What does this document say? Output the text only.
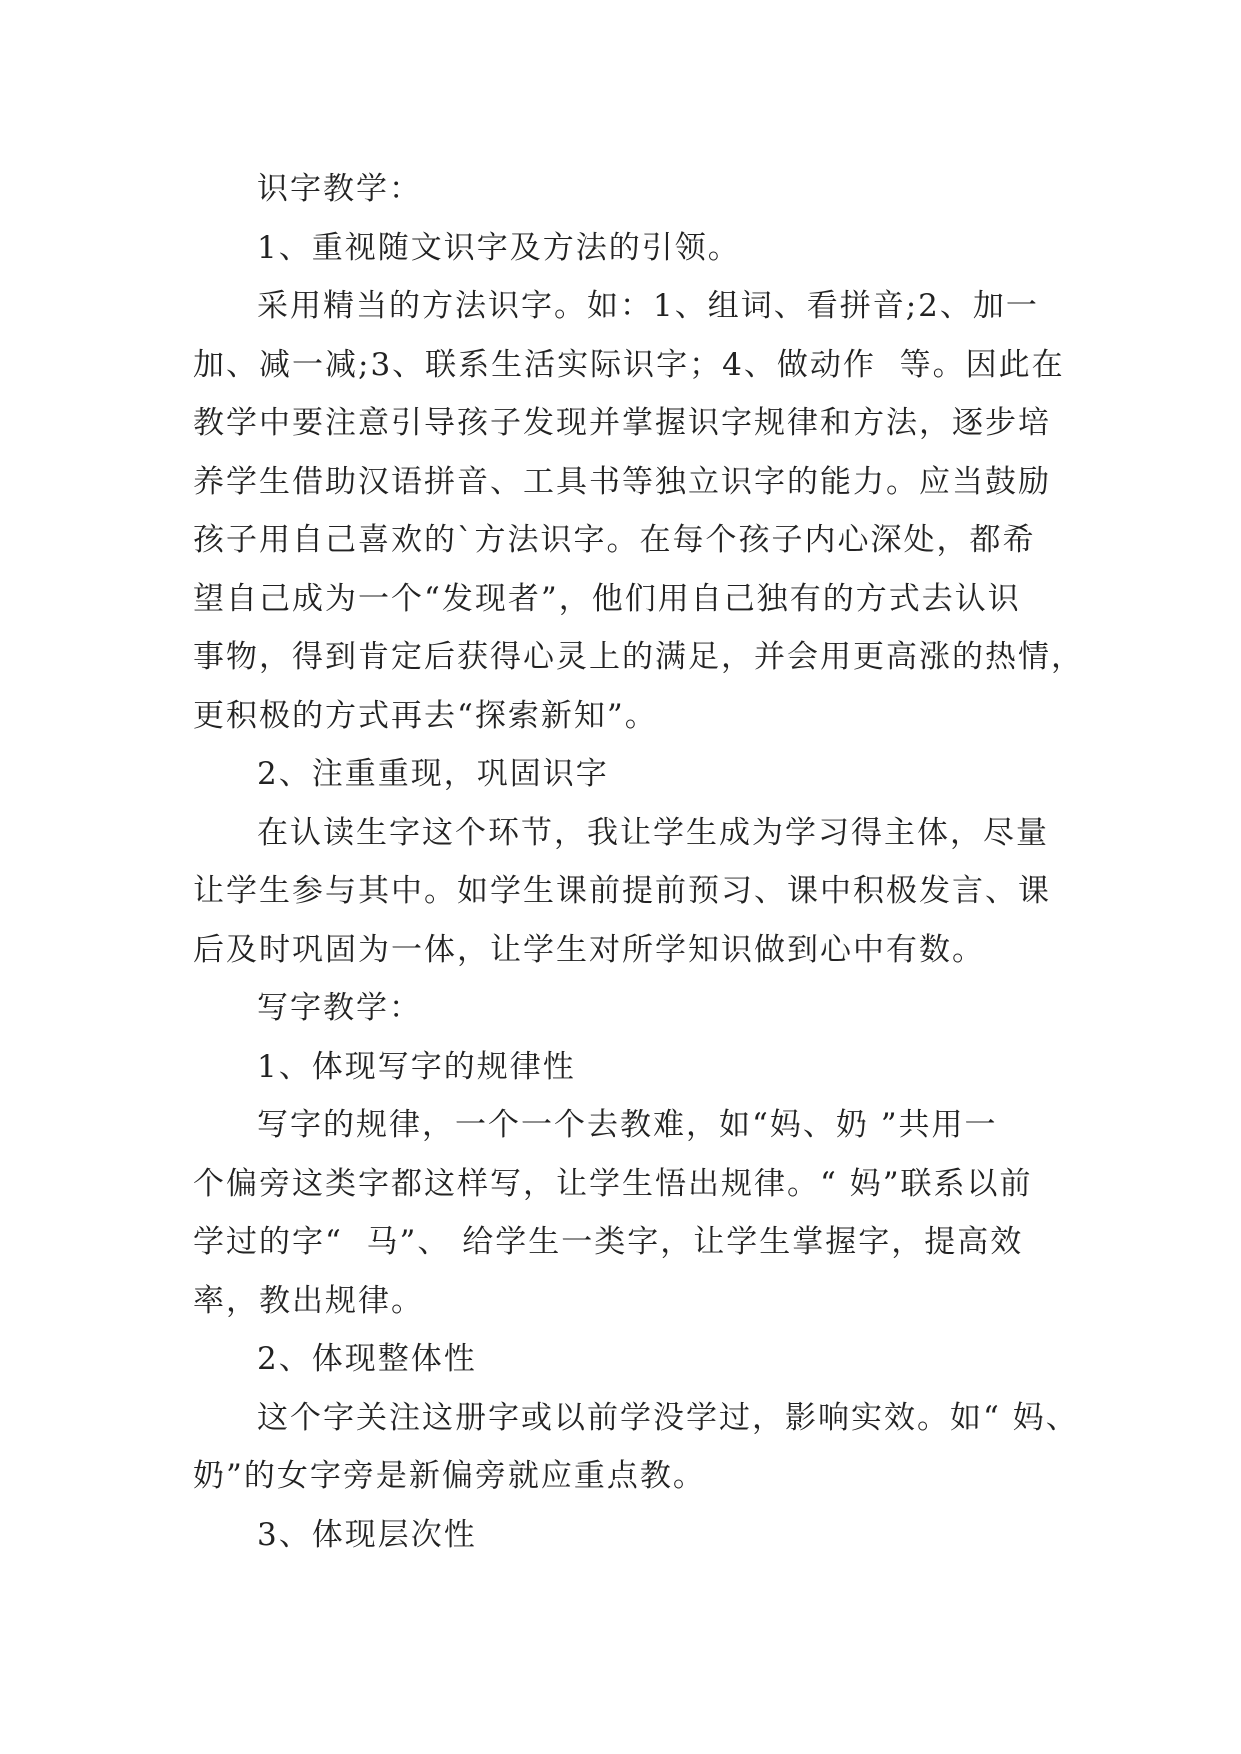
识字教学：

1、重视随文识字及方法的引领。

采用精当的方法识字。如：1、组词、看拼音;2、加一
加、减一减;3、联系生活实际识字；4、做动作  等。因此在
教学中要注意引导孩子发现并掌握识字规律和方法，逐步培
养学生借助汉语拼音、工具书等独立识字的能力。应当鼓励
孩子用自己喜欢的`方法识字。在每个孩子内心深处，都希
望自己成为一个“发现者”，他们用自己独有的方式去认识
事物，得到肯定后获得心灵上的满足，并会用更高涨的热情，
更积极的方式再去“探索新知”。

2、注重重现，巩固识字

在认读生字这个环节，我让学生成为学习得主体，尽量
让学生参与其中。如学生课前提前预习、课中积极发言、课
后及时巩固为一体，让学生对所学知识做到心中有数。

写字教学：

1、体现写字的规律性

写字的规律，一个一个去教难，如“妈、奶 ”共用一
个偏旁这类字都这样写，让学生悟出规律。“ 妈”联系以前
学过的字“  马”、 给学生一类字，让学生掌握字，提高效
率，教出规律。

2、体现整体性

这个字关注这册字或以前学没学过，影响实效。如“ 妈、
奶”的女字旁是新偏旁就应重点教。

3、体现层次性
